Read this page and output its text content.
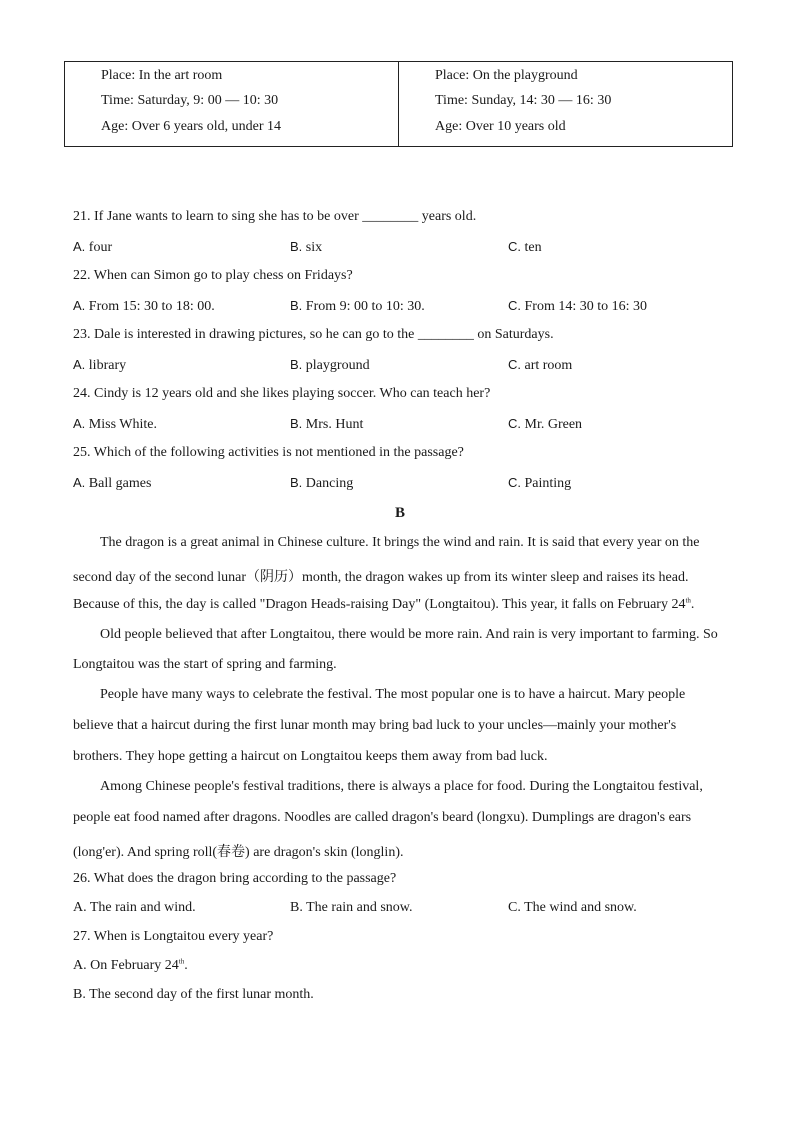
Place: In the art room
Time: Saturday, 9: 00 — 10: 30
Age: Over 6 years old, under 14
Place: On the playground
Time: Sunday, 14: 30 — 16: 30
Age: Over 10 years old
21. If Jane wants to learn to sing she has to be over ________ years old.
A. four	B. six	C. ten
22. When can Simon go to play chess on Fridays?
A. From 15: 30 to 18: 00.	B. From 9: 00 to 10: 30.	C. From 14: 30 to 16: 30
23. Dale is interested in drawing pictures, so he can go to the ________ on Saturdays.
A. library	B. playground	C. art room
24. Cindy is 12 years old and she likes playing soccer. Who can teach her?
A. Miss White.	B. Mrs. Hunt	C. Mr. Green
25. Which of the following activities is not mentioned in the passage?
A. Ball games	B. Dancing	C. Painting
B
The dragon is a great animal in Chinese culture. It brings the wind and rain. It is said that every year on the
second day of the second lunar（阴历）month, the dragon wakes up from its winter sleep and raises its head.
Because of this, the day is called "Dragon Heads-raising Day" (Longtaitou). This year, it falls on February 24th.
Old people believed that after Longtaitou, there would be more rain. And rain is very important to farming. So
Longtaitou was the start of spring and farming.
People have many ways to celebrate the festival. The most popular one is to have a haircut. Mary people
believe that a haircut during the first lunar month may bring bad luck to your uncles—mainly your mother's
brothers. They hope getting a haircut on Longtaitou keeps them away from bad luck.
Among Chinese people's festival traditions, there is always a place for food. During the Longtaitou festival,
people eat food named after dragons. Noodles are called dragon's beard (longxu). Dumplings are dragon's ears
(long'er). And spring roll(春卷) are dragon's skin (longlin).
26. What does the dragon bring according to the passage?
A. The rain and wind.	B. The rain and snow.	C. The wind and snow.
27. When is Longtaitou every year?
A. On February 24th.
B. The second day of the first lunar month.
